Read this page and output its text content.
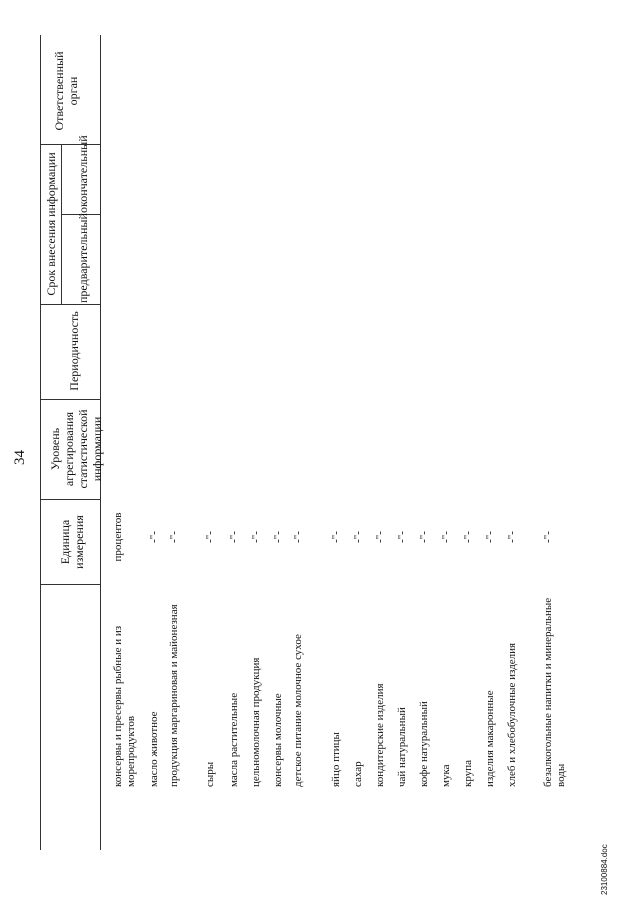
34
Единица измерения
Уровень агрегирования статистической информации
Периодичность
Срок внесения информации предварительный
окончательный
Ответственный орган
консервы и пресервы рыбные и из морепродуктов
процентов
масло животное
-"-
продукция маргариновая и майонезная
-"-
сыры
-"-
масла растительные
-"-
цельномолочная продукция
-"-
консервы молочные
-"-
детское питание молочное сухое
-"-
яйцо птицы
-"-
сахар
-"-
кондитерские изделия
-"-
чай натуральный
-"-
кофе натуральный
-"-
мука
-"-
крупа
-"-
изделия макаронные
-"-
хлеб и хлебобулочные изделия
-"-
безалкогольные напитки и минеральные воды
-"-
23100884.doc
